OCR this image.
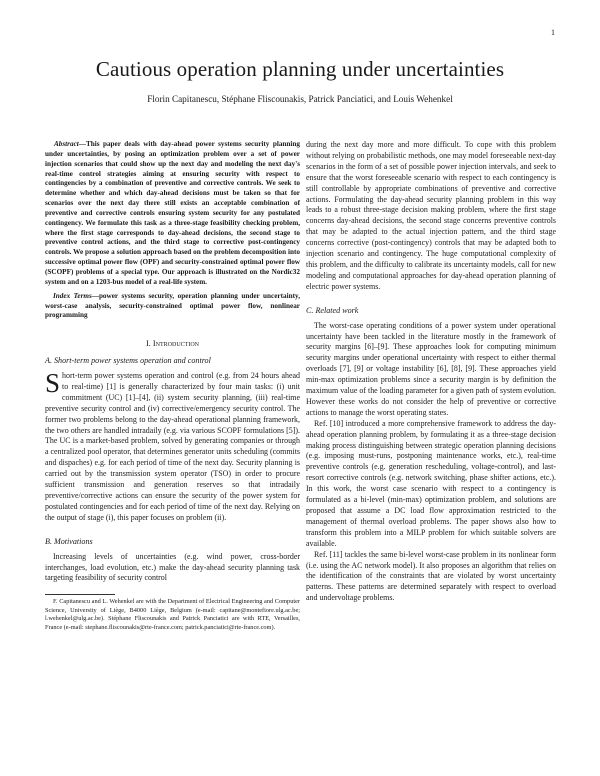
1
Cautious operation planning under uncertainties
Florin Capitanescu, Stéphane Fliscounakis, Patrick Panciatici, and Louis Wehenkel

Abstract—This paper deals with day-ahead power systems security planning under uncertainties, by posing an optimization problem over a set of power injection scenarios that could show up the next day and modeling the next day's real-time control strategies aiming at ensuring security with respect to contingencies by a combination of preventive and corrective controls. We seek to determine whether and which day-ahead decisions must be taken so that for scenarios over the next day there still exists an acceptable combination of preventive and corrective controls ensuring system security for any postulated contingency. We formulate this task as a three-stage feasibility checking problem, where the first stage corresponds to day-ahead decisions, the second stage to preventive control actions, and the third stage to corrective post-contingency controls. We propose a solution approach based on the problem decomposition into successive optimal power flow (OPF) and security-constrained optimal power flow (SCOPF) problems of a special type. Our approach is illustrated on the Nordic32 system and on a 1203-bus model of a real-life system.

Index Terms—power systems security, operation planning under uncertainty, worst-case analysis, security-constrained optimal power flow, nonlinear programming

I. Introduction
A. Short-term power systems operation and control

Short-term power systems operation and control (e.g. from 24 hours ahead to real-time) [1] is generally characterized by four main tasks: (i) unit commitment (UC) [1]–[4], (ii) system security planning, (iii) real-time preventive security control and (iv) corrective/emergency security control. The former two problems belong to the day-ahead operational planning framework, the two others are handled intradaily (e.g. via various SCOPF formulations [5]). The UC is a market-based problem, solved by generating companies or through a centralized pool operator, that determines generator units scheduling (commits and dispaches) e.g. for each period of time of the next day. Security planning is carried out by the transmission system operator (TSO) in order to procure sufficient transmission and generation reserves so that intradaily preventive/corrective actions can ensure the security of the power system for postulated contingencies and for each period of time of the next day. Relying on the output of stage (i), this paper focuses on problem (ii).

B. Motivations

Increasing levels of uncertainties (e.g. wind power, cross-border interchanges, load evolution, etc.) make the day-ahead security planning task targeting feasibility of security control

F. Capitanescu and L. Wehenkel are with the Department of Electrical Engineering and Computer Science, University of Liège, B4000 Liège, Belgium (e-mail: capitane@montefiore.ulg.ac.be; l.wehenkel@ulg.ac.be). Stéphane Fliscounakis and Patrick Panciatici are with RTE, Versailles, France (e-mail: stephane.fliscounakis@rte-france.com; patrick.panciatici@rte-france.com).

during the next day more and more difficult. To cope with this problem without relying on probabilistic methods, one may model foreseeable next-day scenarios in the form of a set of possible power injection intervals, and seek to ensure that the worst foreseeable scenario with respect to each contingency is still controllable by appropriate combinations of preventive and corrective actions. Formulating the day-ahead security planning problem in this way leads to a robust three-stage decision making problem, where the first stage concerns day-ahead decisions, the second stage concerns preventive controls that may be adapted to the actual injection pattern, and the third stage concerns corrective (post-contingency) controls that may be adapted both to injection scenario and contingency. The huge computational complexity of this problem, and the difficulty to calibrate its uncertainty models, call for new modeling and computational approaches for day-ahead operation planning of electric power systems.

C. Related work

The worst-case operating conditions of a power system under operational uncertainty have been tackled in the literature mostly in the framework of security margins [6]–[9]. These approaches look for computing minimum security margins under operational uncertainty with respect to either thermal overloads [7], [9] or voltage instability [6], [8], [9]. These approaches yield min-max optimization problems since a security margin is by definition the maximum value of the loading parameter for a given path of system evolution. However these works do not consider the help of preventive or corrective actions to manage the worst operating states.

Ref. [10] introduced a more comprehensive framework to address the day-ahead operation planning problem, by formulating it as a three-stage decision making process distinguishing between strategic operation planning decisions (e.g. imposing must-runs, postponing maintenance works, etc.), real-time preventive controls (e.g. generation rescheduling, voltage-control), and last-resort corrective controls (e.g. network switching, phase shifter actions, etc.). In this work, the worst case scenario with respect to a contingency is formulated as a bi-level (min-max) optimization problem, and solutions are proposed that assume a DC load flow approximation restricted to the management of thermal overload problems. The paper shows also how to transform this problem into a MILP problem for which suitable solvers are available.

Ref. [11] tackles the same bi-level worst-case problem in its nonlinear form (i.e. using the AC network model). It also proposes an algorithm that relies on the identification of the constraints that are violated by worst uncertainty patterns. These patterns are determined separately with respect to overload and undervoltage problems.
